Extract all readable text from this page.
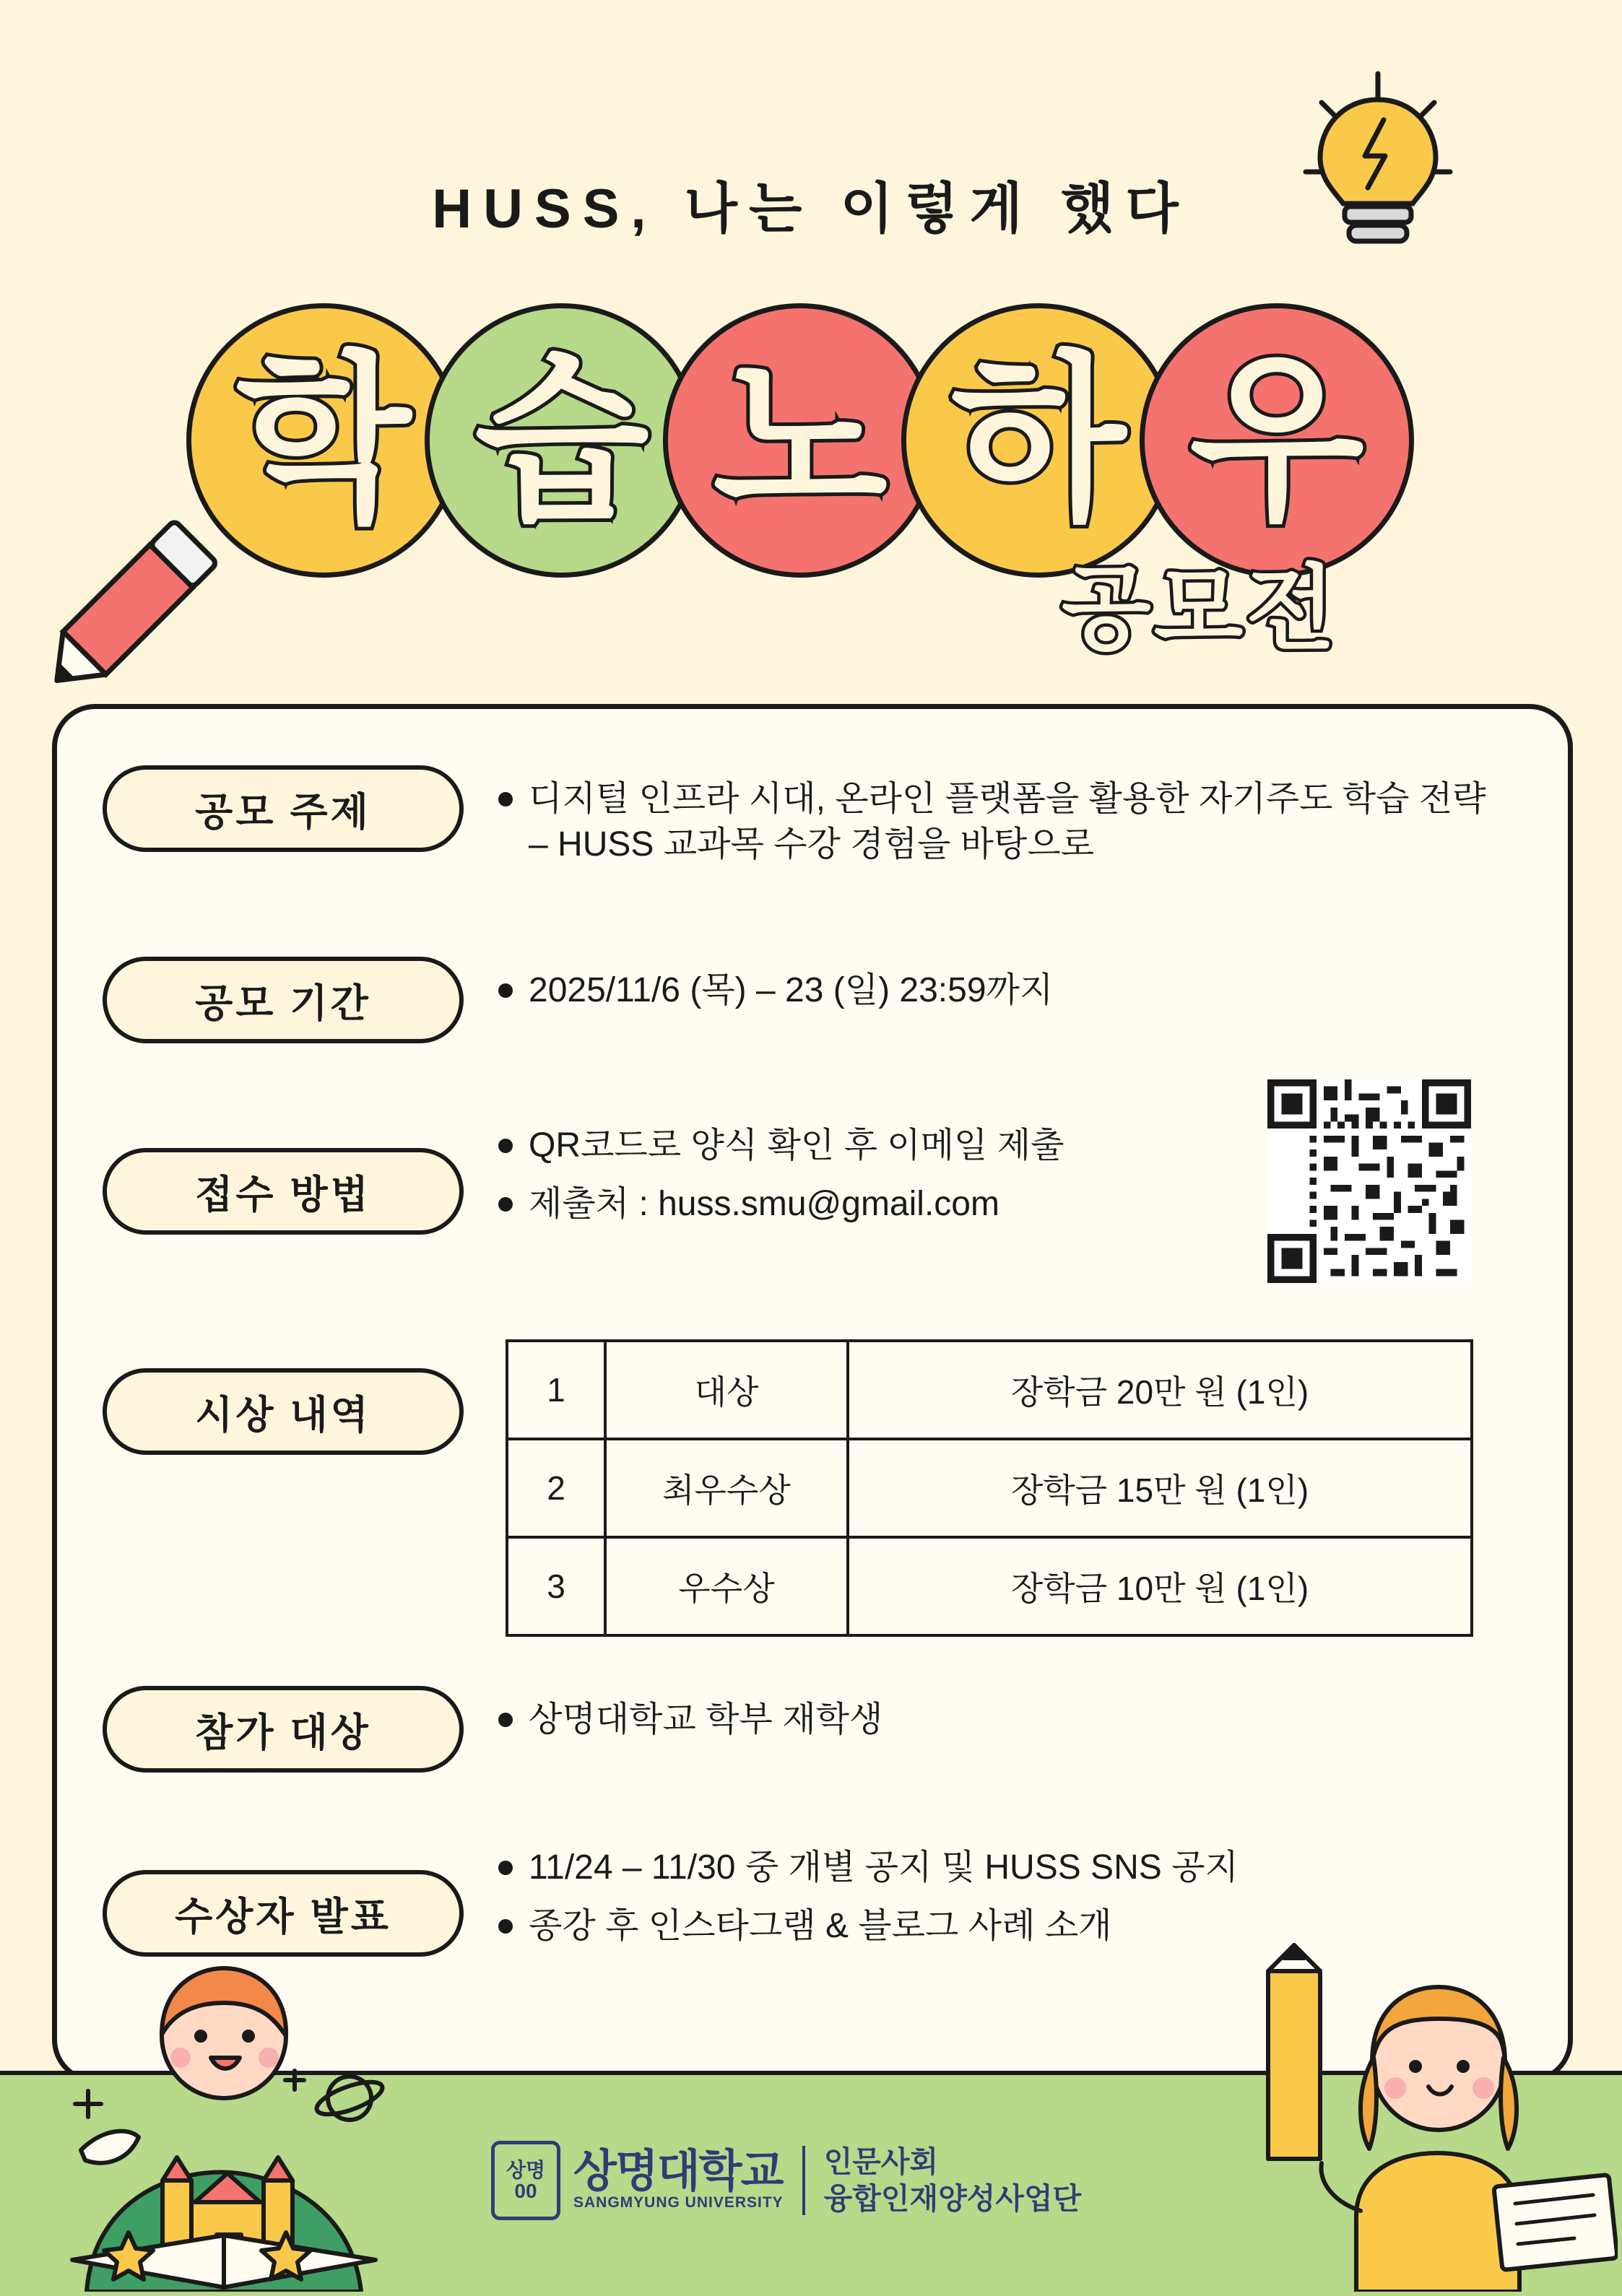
HUSS, 나는 이렇게 했다
학 습 노 하 우
공모전
공모 주제	디지털 인프라 시대, 온라인 플랫폼을 활용한 자기주도 학습 전략 – HUSS 교과목 수강 경험을 바탕으로
공모 기간	2025/11/6 (목) – 23 (일) 23:59까지
접수 방법
QR코드로 양식 확인 후 이메일 제출
제출처 : huss.smu@gmail.com
시상 내역
1	대상	장학금 20만 원 (1인)
2	최우수상	장학금 15만 원 (1인)
3	우수상	장학금 10만 원 (1인)
참가 대상	상명대학교 학부 재학생
수상자 발표
11/24 – 11/30 중 개별 공지 및 HUSS SNS 공지
종강 후 인스타그램 & 블로그 사례 소개
상명
00 상명대학교
SANGMYUNG UNIVERSITY
인문사회
융합인재양성사업단
